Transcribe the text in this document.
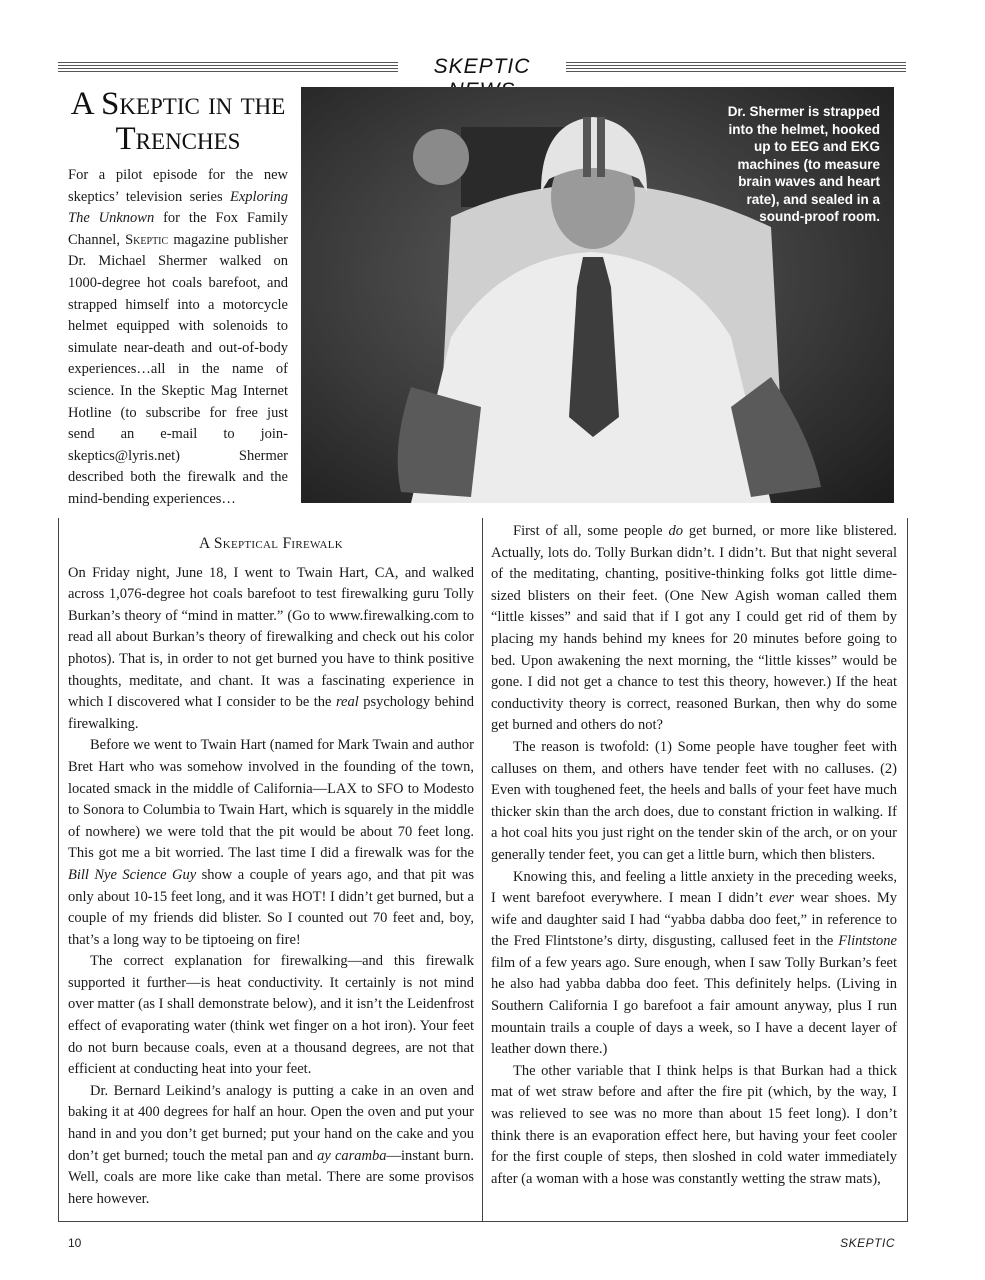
SKEPTIC
A Skeptic in the Trenches
For a pilot episode for the new skeptics’ television series Exploring The Unknown for the Fox Family Channel, Skeptic magazine publisher Dr. Michael Shermer walked on 1000-degree hot coals barefoot, and strapped himself into a motorcycle helmet equipped with solenoids to simulate near-death and out-of-body experiences…all in the name of science. In the Skeptic Mag Internet Hotline (to subscribe for free just send an e-mail to join-skeptics@lyris.net) Shermer described both the firewalk and the mind-bending experiences…
Dr. Shermer is strapped into the helmet, hooked up to EEG and EKG machines (to measure brain waves and heart rate), and sealed in a sound-proof room.
A Skeptical Firewalk

On Friday night, June 18, I went to Twain Hart, CA, and walked across 1,076-degree hot coals barefoot to test firewalking guru Tolly Burkan’s theory of “mind in matter.” (Go to www.firewalking.com to read all about Burkan’s theory of firewalking and check out his color photos). That is, in order to not get burned you have to think positive thoughts, meditate, and chant. It was a fascinating experience in which I discovered what I consider to be the real psychology behind firewalking.

Before we went to Twain Hart (named for Mark Twain and author Bret Hart who was somehow involved in the founding of the town, located smack in the middle of California—LAX to SFO to Modesto to Sonora to Columbia to Twain Hart, which is squarely in the middle of nowhere) we were told that the pit would be about 70 feet long. This got me a bit worried. The last time I did a firewalk was for the Bill Nye Science Guy show a couple of years ago, and that pit was only about 10-15 feet long, and it was HOT! I didn’t get burned, but a couple of my friends did blister. So I counted out 70 feet and, boy, that’s a long way to be tiptoeing on fire!

The correct explanation for firewalking—and this firewalk supported it further—is heat conductivity. It certainly is not mind over matter (as I shall demonstrate below), and it isn’t the Leidenfrost effect of evaporating water (think wet finger on a hot iron). Your feet do not burn because coals, even at a thousand degrees, are not that efficient at conducting heat into your feet.

Dr. Bernard Leikind’s analogy is putting a cake in an oven and baking it at 400 degrees for half an hour. Open the oven and put your hand in and you don’t get burned; put your hand on the cake and you don’t get burned; touch the metal pan and ay caramba—instant burn. Well, coals are more like cake than metal. There are some provisos here however.

First of all, some people do get burned, or more like blistered. Actually, lots do. Tolly Burkan didn’t. I didn’t. But that night several of the meditating, chanting, positive-thinking folks got little dime-sized blisters on their feet. (One New Agish woman called them “little kisses” and said that if I got any I could get rid of them by placing my hands behind my knees for 20 minutes before going to bed. Upon awakening the next morning, the “little kisses” would be gone. I did not get a chance to test this theory, however.) If the heat conductivity theory is correct, reasoned Burkan, then why do some get burned and others do not?

The reason is twofold: (1) Some people have tougher feet with calluses on them, and others have tender feet with no calluses. (2) Even with toughened feet, the heels and balls of your feet have much thicker skin than the arch does, due to constant friction in walking. If a hot coal hits you just right on the tender skin of the arch, or on your generally tender feet, you can get a little burn, which then blisters.

Knowing this, and feeling a little anxiety in the preceding weeks, I went barefoot everywhere. I mean I didn’t ever wear shoes. My wife and daughter said I had “yabba dabba doo feet,” in reference to the Fred Flintstone’s dirty, disgusting, callused feet in the Flintstone film of a few years ago. Sure enough, when I saw Tolly Burkan’s feet he also had yabba dabba doo feet. This definitely helps. (Living in Southern California I go barefoot a fair amount anyway, plus I run mountain trails a couple of days a week, so I have a decent layer of leather down there.)

The other variable that I think helps is that Burkan had a thick mat of wet straw before and after the fire pit (which, by the way, I was relieved to see was no more than about 15 feet long). I don’t think there is an evaporation effect here, but having your feet cooler for the first couple of steps, then sloshed in cold water immediately after (a woman with a hose was constantly wetting the straw mats),

10	SKEPTIC
